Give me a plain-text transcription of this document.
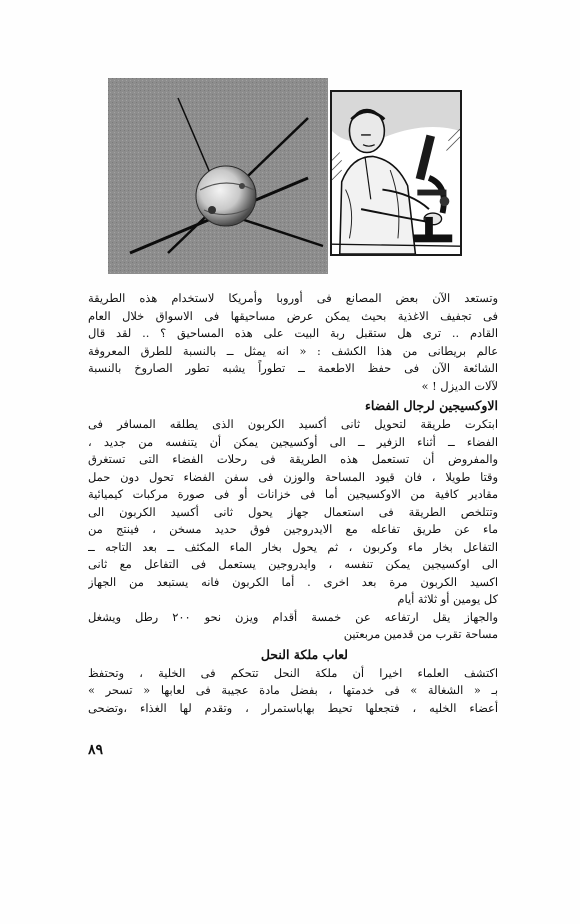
وتستعد الآن بعض المصانع فى أوروبا وأمريكا لاستخدام هذه الطريقة
فى تجفيف الاغذية بحيث يمكن عرض مساحيقها فى الاسواق خلال العام
القادم .. ترى هل ستقبل ربة البيت على هذه المساحيق ؟ .. لقد قال
عالم بريطانى من هذا الكشف : « انه يمثل ــ بالنسبة للطرق المعروفة
الشائعة الآن فى حفظ الاطعمة ــ تطوراً يشبه تطور الصاروخ بالنسبة
لآلات الديزل ! »
الاوكسيجين لرجال الفضاء
ابتكرت طريقة لتحويل ثانى أكسيد الكربون الذى يطلقه المسافر فى
الفضاء ــ أثناء الزفير ــ الى أوكسيجين يمكن أن يتنفسه من جديد ،
والمفروض أن تستعمل هذه الطريقة فى رحلات الفضاء التى تستغرق
وقتا طويلا ، فان قيود المساحة والوزن فى سفن الفضاء تحول دون حمل
مقادير كافية من الاوكسيجين أما فى خزانات أو فى صورة مركبات كيميائية
وتتلخص الطريقة فى استعمال جهاز يحول ثانى أكسيد الكربون الى
ماء عن طريق تفاعله مع الايدروجين فوق حديد مسخن ، فينتج من
التفاعل بخار ماء وكربون ، ثم يحول بخار الماء المكثف ــ بعد التاجه ــ
الى اوكسيجين يمكن تنفسه ، وايدروجين يستعمل فى التفاعل مع ثانى
اكسيد الكربون مرة بعد اخرى . أما الكربون فانه يستبعد من الجهاز
كل يومين أو ثلاثة أيام
والجهاز يقل ارتفاعه عن خمسة أقدام ويزن نحو ٢٠٠ رطل ويشغل
مساحة تقرب من قدمين مربعتين
لعاب ملكة النحل
اكتشف العلماء اخيرا أن ملكة النحل تتحكم فى الخلية ، وتحتفظ
بـ « الشغالة » فى خدمتها ، بفضل مادة عجيبة فى لعابها « تسحر »
أعضاء الخليه ، فتجعلها تحيط بهاباستمرار ، وتقدم لها الغذاء ،وتضحى
٨٩
